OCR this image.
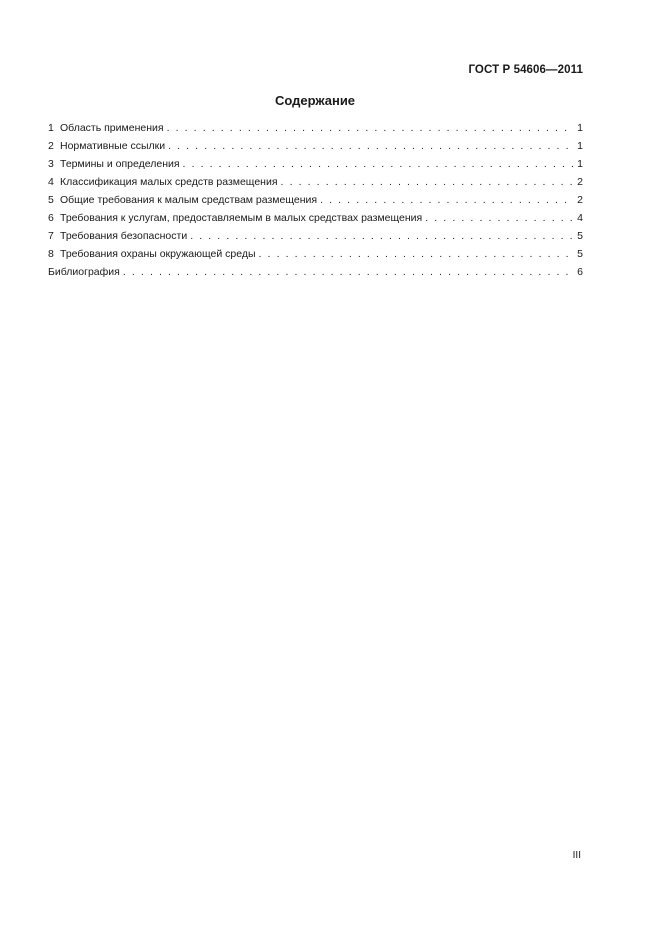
ГОСТ Р 54606—2011
Содержание
1 Область применения . . .	1
2 Нормативные ссылки . . .	1
3 Термины и определения . . .	1
4 Классификация малых средств размещения . . .	2
5 Общие требования к малым средствам размещения . . .	2
6 Требования к услугам, предоставляемым в малых средствах размещения . . .	4
7 Требования безопасности . . .	5
8 Требования охраны окружающей среды . . .	5
Библиография . . .	6
III
